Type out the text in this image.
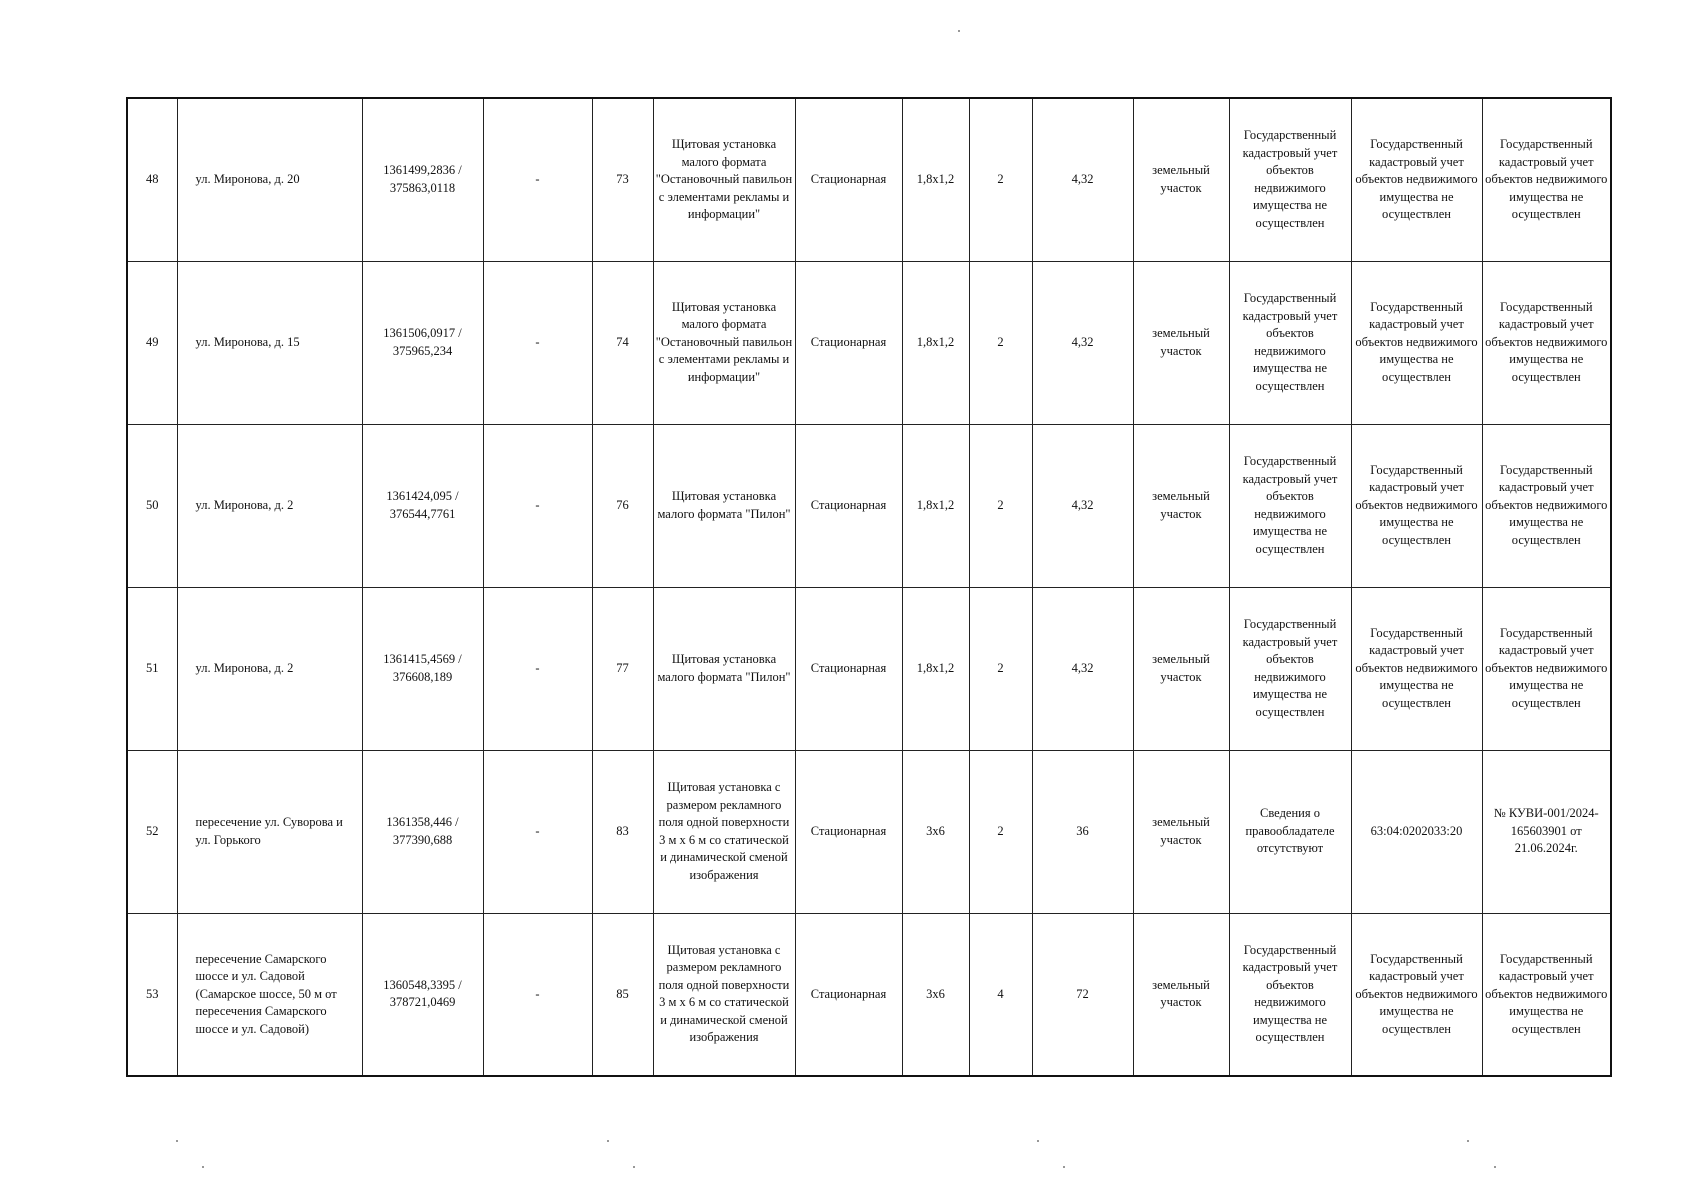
48	ул. Миронова, д. 20	1361499,2836 / 375863,0118	-	73	Щитовая установка малого формата "Остановочный павильон с элементами рекламы и информации"	Стационарная	1,8х1,2	2	4,32	земельный участок	Государственный кадастровый учет объектов недвижимого имущества не осуществлен	Государственный кадастровый учет объектов недвижимого имущества не осуществлен	Государственный кадастровый учет объектов недвижимого имущества не осуществлен
49	ул. Миронова, д. 15	1361506,0917 / 375965,234	-	74	Щитовая установка малого формата "Остановочный павильон с элементами рекламы и информации"	Стационарная	1,8х1,2	2	4,32	земельный участок	Государственный кадастровый учет объектов недвижимого имущества не осуществлен	Государственный кадастровый учет объектов недвижимого имущества не осуществлен	Государственный кадастровый учет объектов недвижимого имущества не осуществлен
50	ул. Миронова, д. 2	1361424,095 / 376544,7761	-	76	Щитовая установка малого формата "Пилон"	Стационарная	1,8х1,2	2	4,32	земельный участок	Государственный кадастровый учет объектов недвижимого имущества не осуществлен	Государственный кадастровый учет объектов недвижимого имущества не осуществлен	Государственный кадастровый учет объектов недвижимого имущества не осуществлен
51	ул. Миронова, д. 2	1361415,4569 / 376608,189	-	77	Щитовая установка малого формата "Пилон"	Стационарная	1,8х1,2	2	4,32	земельный участок	Государственный кадастровый учет объектов недвижимого имущества не осуществлен	Государственный кадастровый учет объектов недвижимого имущества не осуществлен	Государственный кадастровый учет объектов недвижимого имущества не осуществлен
52	пересечение ул. Суворова и ул. Горького	1361358,446 / 377390,688	-	83	Щитовая установка с размером рекламного поля одной поверхности 3 м х 6 м со статической и динамической сменой изображения	Стационарная	3х6	2	36	земельный участок	Сведения о правообладателе отсутствуют	63:04:0202033:20	№ КУВИ-001/2024-165603901 от 21.06.2024г.
53	пересечение Самарского шоссе и ул. Садовой (Самарское шоссе, 50 м от пересечения Самарского шоссе и ул. Садовой)	1360548,3395 / 378721,0469	-	85	Щитовая установка с размером рекламного поля одной поверхности 3 м х 6 м со статической и динамической сменой изображения	Стационарная	3х6	4	72	земельный участок	Государственный кадастровый учет объектов недвижимого имущества не осуществлен	Государственный кадастровый учет объектов недвижимого имущества не осуществлен	Государственный кадастровый учет объектов недвижимого имущества не осуществлен
